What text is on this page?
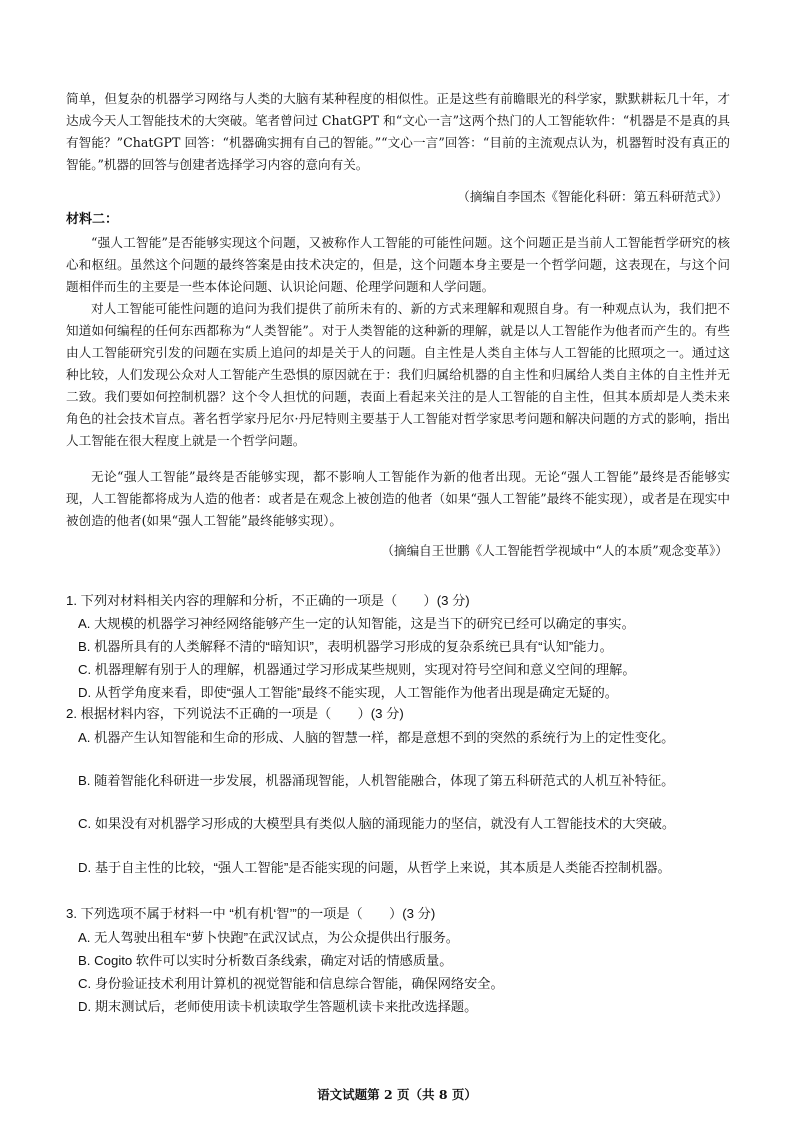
简单，但复杂的机器学习网络与人类的大脑有某种程度的相似性。正是这些有前瞻眼光的科学家，默默耕耘几十年，才达成今天人工智能技术的大突破。笔者曾问过 ChatGPT 和“文心一言”这两个热门的人工智能软件：“机器是不是真的具有智能？”ChatGPT 回答：“机器确实拥有自己的智能。”“文心一言”回答：“目前的主流观点认为，机器暂时没有真正的智能。”机器的回答与创建者选择学习内容的意向有关。

（摘编自李国杰《智能化科研：第五科研范式》）

材料二：

“强人工智能”是否能够实现这个问题，又被称作人工智能的可能性问题。这个问题正是当前人工智能哲学研究的核心和枢纽。虽然这个问题的最终答案是由技术决定的，但是，这个问题本身主要是一个哲学问题，这表现在，与这个问题相伴而生的主要是一些本体论问题、认识论问题、伦理学问题和人学问题。

对人工智能可能性问题的追问为我们提供了前所未有的、新的方式来理解和观照自身。有一种观点认为，我们把不知道如何编程的任何东西都称为“人类智能”。对于人类智能的这种新的理解，就是以人工智能作为他者而产生的。有些由人工智能研究引发的问题在实质上追问的却是关于人的问题。自主性是人类自主体与人工智能的比照项之一。通过这种比较，人们发现公众对人工智能产生恐惧的原因就在于：我们归属给机器的自主性和归属给人类自主体的自主性并无二致。我们要如何控制机器？这个令人担忧的问题，表面上看起来关注的是人工智能的自主性，但其本质却是人类未来角色的社会技术盲点。著名哲学家丹尼尔·丹尼特则主要基于人工智能对哲学家思考问题和解决问题的方式的影响，指出人工智能在很大程度上就是一个哲学问题。

无论“强人工智能”最终是否能够实现，都不影响人工智能作为新的他者出现。无论“强人工智能”最终是否能够实现，人工智能都将成为人造的他者：或者是在观念上被创造的他者（如果“强人工智能”最终不能实现），或者是在现实中被创造的他者(如果“强人工智能”最终能够实现）。

（摘编自王世鹏《人工智能哲学视域中“人的本质”观念变革》）

1. 下列对材料相关内容的理解和分析，不正确的一项是（　　）(3 分)

A. 大规模的机器学习神经网络能够产生一定的认知智能，这是当下的研究已经可以确定的事实。

B. 机器所具有的人类解释不清的“暗知识”，表明机器学习形成的复杂系统已具有“认知”能力。

C. 机器理解有别于人的理解，机器通过学习形成某些规则，实现对符号空间和意义空间的理解。

D. 从哲学角度来看，即使“强人工智能”最终不能实现，人工智能作为他者出现是确定无疑的。

2. 根据材料内容，下列说法不正确的一项是（　　）(3 分)

A. 机器产生认知智能和生命的形成、人脑的智慧一样，都是意想不到的突然的系统行为上的定性变化。

B. 随着智能化科研进一步发展，机器涌现智能，人机智能融合，体现了第五科研范式的人机互补特征。

C. 如果没有对机器学习形成的大模型具有类似人脑的涌现能力的坚信，就没有人工智能技术的大突破。

D. 基于自主性的比较，“强人工智能”是否能实现的问题，从哲学上来说，其本质是人类能否控制机器。

3. 下列选项不属于材料一中 “机有机‘智’”的一项是（　　）(3 分)

A. 无人驾驶出租车“萝卜快跑”在武汉试点，为公众提供出行服务。

B. Cogito 软件可以实时分析数百条线索，确定对话的情感质量。

C. 身份验证技术利用计算机的视觉智能和信息综合智能，确保网络安全。

D. 期末测试后，老师使用读卡机读取学生答题机读卡来批改选择题。

语文试题第 2 页（共 8 页）
